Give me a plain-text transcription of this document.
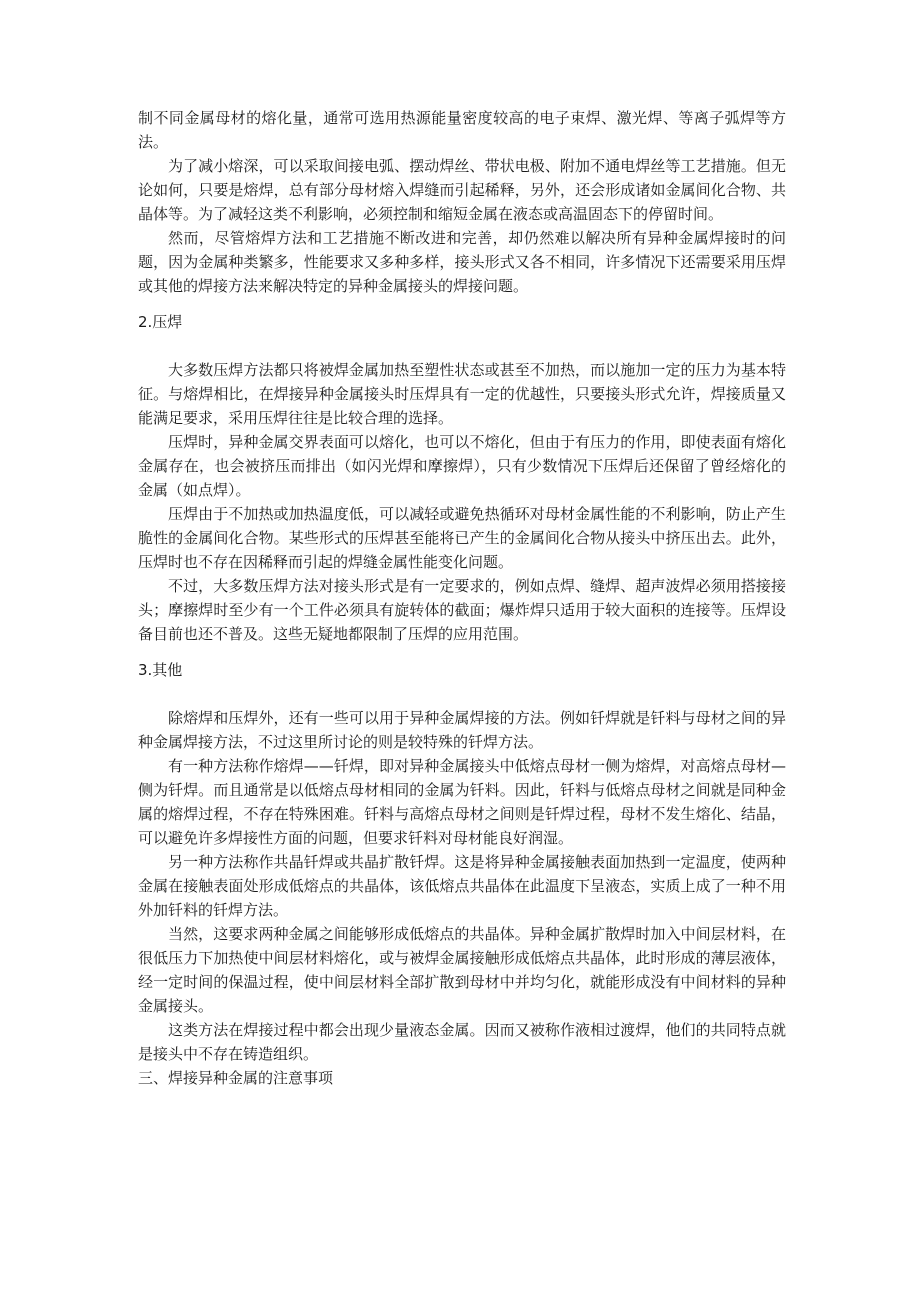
制不同金属母材的熔化量，通常可选用热源能量密度较高的电子束焊、激光焊、等离子弧焊等方法。

为了减小熔深，可以采取间接电弧、摆动焊丝、带状电极、附加不通电焊丝等工艺措施。但无论如何，只要是熔焊，总有部分母材熔入焊缝而引起稀释，另外，还会形成诸如金属间化合物、共晶体等。为了减轻这类不利影响，必须控制和缩短金属在液态或高温固态下的停留时间。

然而，尽管熔焊方法和工艺措施不断改进和完善，却仍然难以解决所有异种金属焊接时的问题，因为金属种类繁多，性能要求又多种多样，接头形式又各不相同，许多情况下还需要采用压焊或其他的焊接方法来解决特定的异种金属接头的焊接问题。

2.压焊

大多数压焊方法都只将被焊金属加热至塑性状态或甚至不加热，而以施加一定的压力为基本特征。与熔焊相比，在焊接异种金属接头时压焊具有一定的优越性，只要接头形式允许，焊接质量又能满足要求，采用压焊往往是比较合理的选择。

压焊时，异种金属交界表面可以熔化，也可以不熔化，但由于有压力的作用，即使表面有熔化金属存在，也会被挤压而排出（如闪光焊和摩擦焊），只有少数情况下压焊后还保留了曾经熔化的金属（如点焊）。

压焊由于不加热或加热温度低，可以减轻或避免热循环对母材金属性能的不利影响，防止产生脆性的金属间化合物。某些形式的压焊甚至能将已产生的金属间化合物从接头中挤压出去。此外，压焊时也不存在因稀释而引起的焊缝金属性能变化问题。

不过，大多数压焊方法对接头形式是有一定要求的，例如点焊、缝焊、超声波焊必须用搭接接头；摩擦焊时至少有一个工件必须具有旋转体的截面；爆炸焊只适用于较大面积的连接等。压焊设备目前也还不普及。这些无疑地都限制了压焊的应用范围。

3.其他

除熔焊和压焊外，还有一些可以用于异种金属焊接的方法。例如钎焊就是钎料与母材之间的异种金属焊接方法，不过这里所讨论的则是较特殊的钎焊方法。

有一种方法称作熔焊——钎焊，即对异种金属接头中低熔点母材一侧为熔焊，对高熔点母材—侧为钎焊。而且通常是以低熔点母材相同的金属为钎料。因此，钎料与低熔点母材之间就是同种金属的熔焊过程，不存在特殊困难。钎料与高熔点母材之间则是钎焊过程，母材不发生熔化、结晶，可以避免许多焊接性方面的问题，但要求钎料对母材能良好润湿。

另一种方法称作共晶钎焊或共晶扩散钎焊。这是将异种金属接触表面加热到一定温度，使两种金属在接触表面处形成低熔点的共晶体，该低熔点共晶体在此温度下呈液态，实质上成了一种不用外加钎料的钎焊方法。

当然，这要求两种金属之间能够形成低熔点的共晶体。异种金属扩散焊时加入中间层材料，在很低压力下加热使中间层材料熔化，或与被焊金属接触形成低熔点共晶体，此时形成的薄层液体，经一定时间的保温过程，使中间层材料全部扩散到母材中并均匀化，就能形成没有中间材料的异种金属接头。

这类方法在焊接过程中都会出现少量液态金属。因而又被称作液相过渡焊，他们的共同特点就是接头中不存在铸造组织。

三、焊接异种金属的注意事项
